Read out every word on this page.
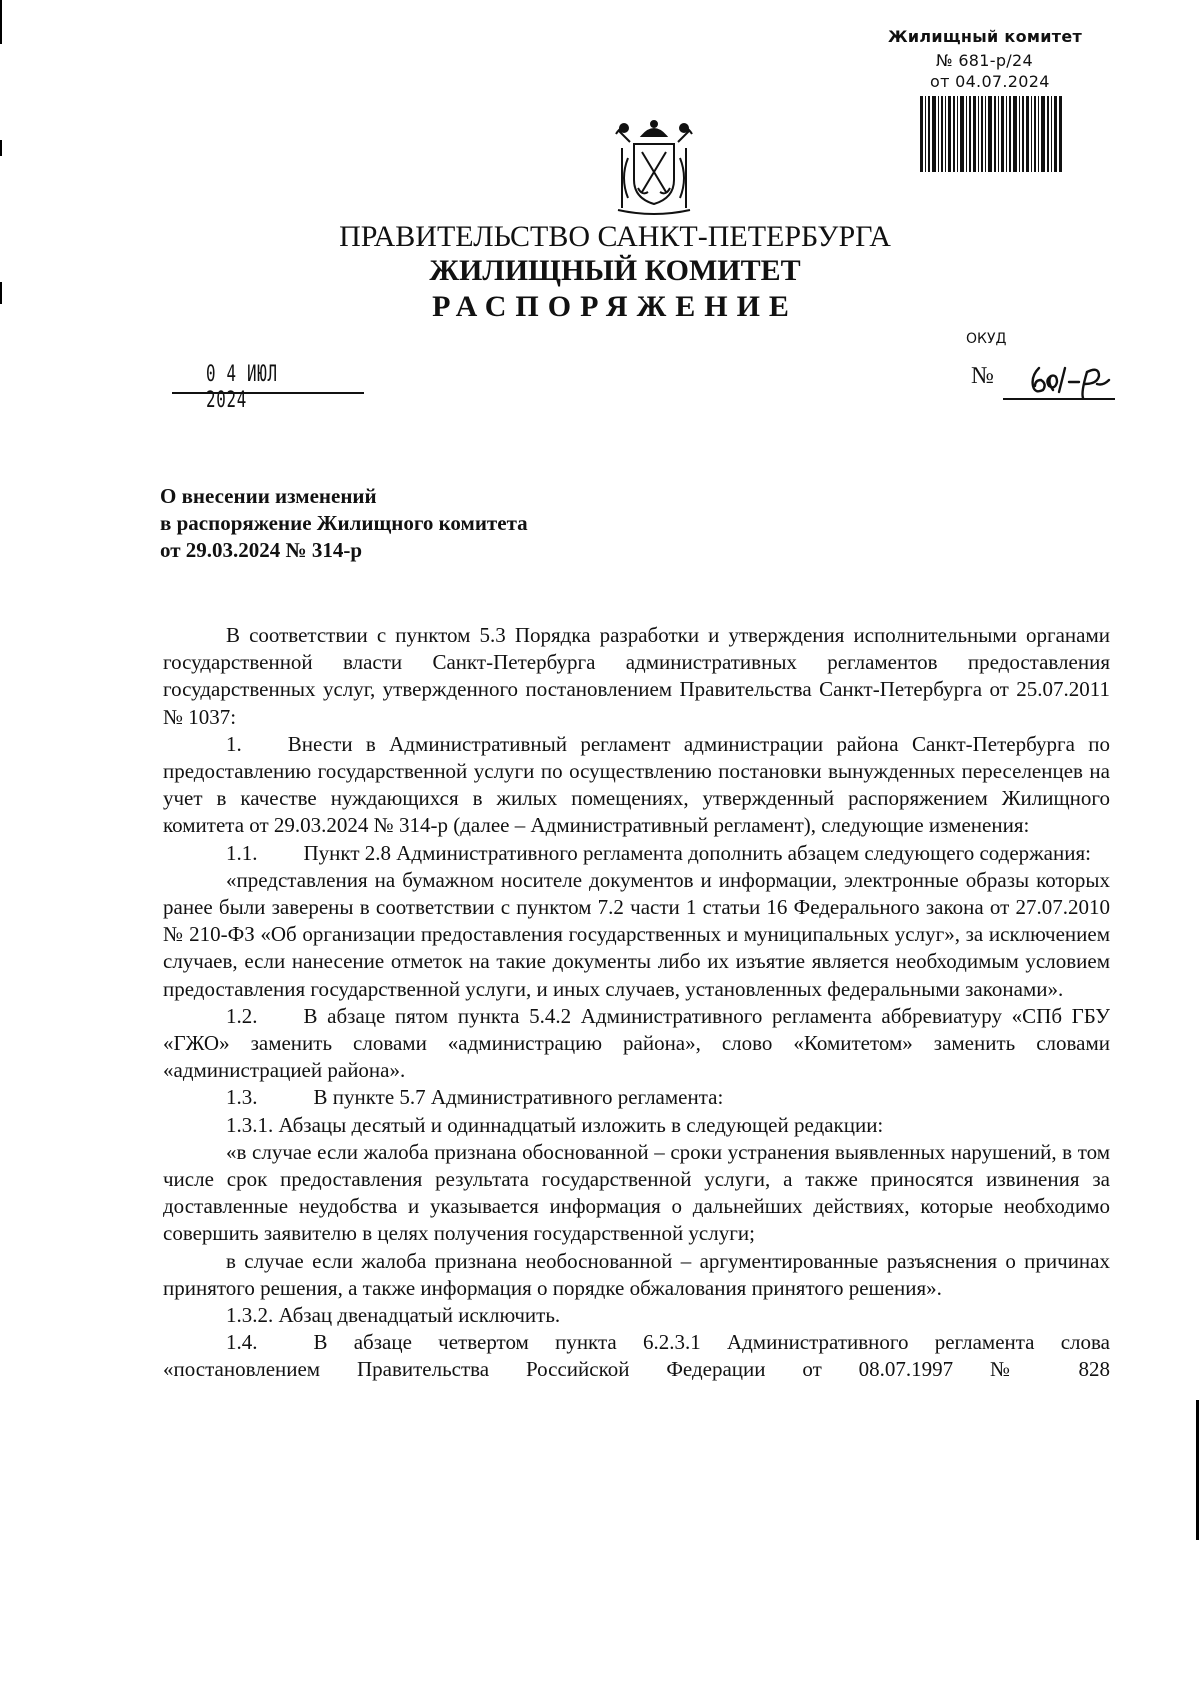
Жилищный комитет
№ 681-р/24
от 04.07.2024
ПРАВИТЕЛЬСТВО САНКТ-ПЕТЕРБУРГА
ЖИЛИЩНЫЙ КОМИТЕТ
РАСПОРЯЖЕНИЕ
ОКУД
0 4 ИЮЛ 2024
№
О внесении изменений
в распоряжение Жилищного комитета
от 29.03.2024 № 314-р

В соответствии с пунктом 5.3 Порядка разработки и утверждения исполнительными органами государственной власти Санкт-Петербурга административных регламентов предоставления государственных услуг, утвержденного постановлением Правительства Санкт-Петербурга от 25.07.2011 № 1037:

1. Внести в Административный регламент администрации района Санкт-Петербурга по предоставлению государственной услуги по осуществлению постановки вынужденных переселенцев на учет в качестве нуждающихся в жилых помещениях, утвержденный распоряжением Жилищного комитета от 29.03.2024 № 314-р (далее – Административный регламент), следующие изменения:

1.1. Пункт 2.8 Административного регламента дополнить абзацем следующего содержания:

«представления на бумажном носителе документов и информации, электронные образы которых ранее были заверены в соответствии с пунктом 7.2 части 1 статьи 16 Федерального закона от 27.07.2010 № 210-ФЗ «Об организации предоставления государственных и муниципальных услуг», за исключением случаев, если нанесение отметок на такие документы либо их изъятие является необходимым условием предоставления государственной услуги, и иных случаев, установленных федеральными законами».

1.2. В абзаце пятом пункта 5.4.2 Административного регламента аббревиатуру «СПб ГБУ «ГЖО» заменить словами «администрацию района», слово «Комитетом» заменить словами «администрацией района».

1.3.	В пункте 5.7 Административного регламента:

1.3.1. Абзацы десятый и одиннадцатый изложить в следующей редакции:

«в случае если жалоба признана обоснованной – сроки устранения выявленных нарушений, в том числе срок предоставления результата государственной услуги, а также приносятся извинения за доставленные неудобства и указывается информация о дальнейших действиях, которые необходимо совершить заявителю в целях получения государственной услуги;

в случае если жалоба признана необоснованной – аргументированные разъяснения о причинах принятого решения, а также информация о порядке обжалования принятого решения».

1.3.2. Абзац двенадцатый исключить.

1.4.	В абзаце четвертом пункта 6.2.3.1 Административного регламента слова «постановлением Правительства Российской Федерации от 08.07.1997 № 828
